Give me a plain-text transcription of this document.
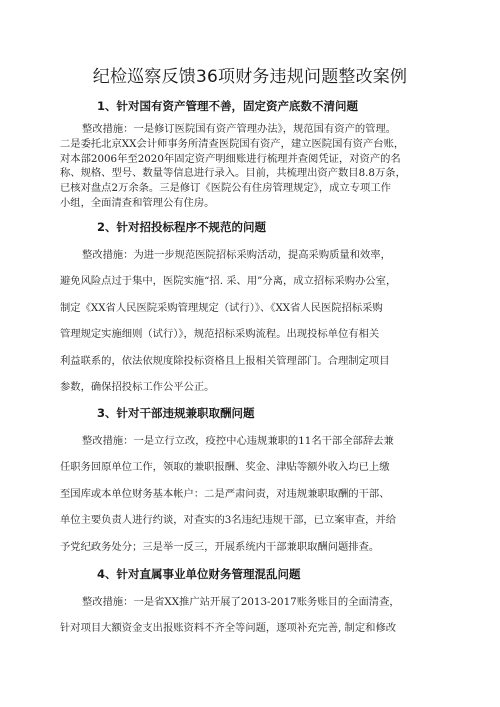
纪检巡察反馈36项财务违规问题整改案例
1、针对国有资产管理不善，固定资产底数不清问题
整改措施：一是修订医院国有资产管理办法》，规范国有资产的管理。
二是委托北京XX会计师事务所清查医院国有资产，建立医院国有资产台账，
对本部2006年至2020年固定资产明细账进行梳理并查阅凭证，对资产的名
称、规格、型号、数量等信息进行录入。目前，共梳理出资产数目8.8万条，
已核对盘点2万余条。三是修订《医院公有住房管理规定》，成立专项工作
小组，全面清查和管理公有住房。
2、针对招投标程序不规范的问题
整改措施：为进一步规范医院招标采购活动，提高采购质量和效率，
避免风险点过于集中，医院实施“招. 采、用”分离，成立招标采购办公室，
制定《XX省人民医院采购管理规定（试行）》、《XX省人民医院招标采购
管理规定实施细则（试行）》，规范招标采购流程。出现投标单位有相关
利益联系的，依法依规度除投标资格且上报相关管理部门。合理制定项目
参数，确保招投标工作公平公正。
3、针对干部违规兼职取酬问题
整改措施：一是立行立改，疫控中心违规兼职的11名干部全部辞去兼
任职务回原单位工作，领取的兼职报酬、奖金、津贴等额外收入均已上缴
至国库或本单位财务基本帐户：二是严肃问责，对违规兼职取酬的干部、
单位主要负责人进行约谈，对查实的3名违纪违规干部，已立案审查，并给
予党纪政务处分；三是举一反三，开展系统内干部兼职取酬问题排查。
4、针对直属事业单位财务管理混乱问题
整改措施：一是省XX推广站开展了2013-2017账务账目的全面清查，
针对项目大额资金支出报账资料不齐全等问题，逐项补充完善, 制定和修改
